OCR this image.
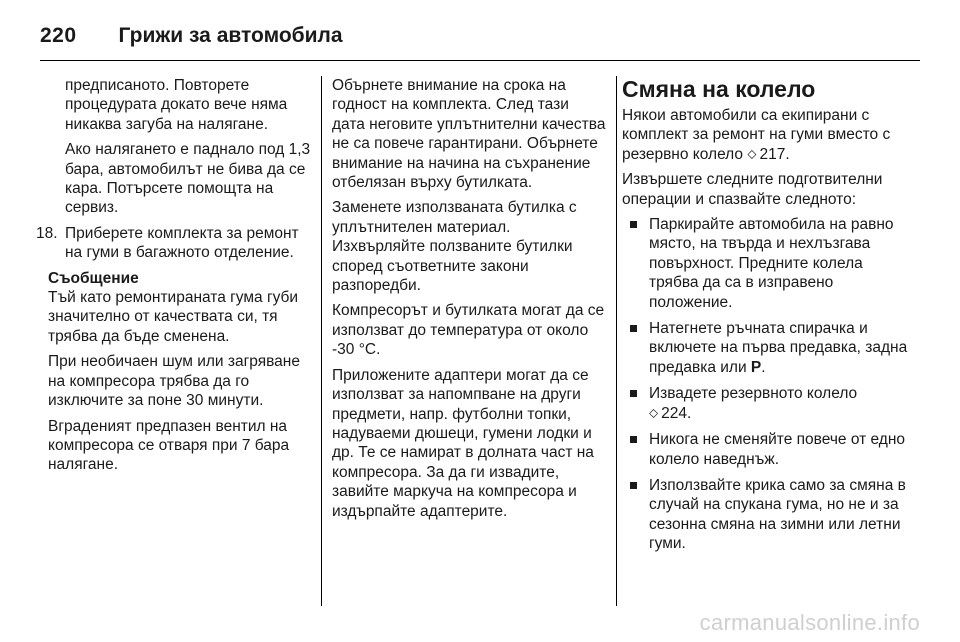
220 Грижи за автомобила

предписаното. Повторете процедурата докато вече няма никаква загуба на налягане.

Ако налягането е паднало под 1,3 бара, автомобилът не бива да се кара. Потърсете помощта на сервиз.

18. Приберете комплекта за ремонт на гуми в багажното отделение.

Съобщение

Тъй като ремонтираната гума губи значително от качествата си, тя трябва да бъде сменена.

При необичаен шум или загряване на компресора трябва да го изключите за поне 30 минути.

Вграденият предпазен вентил на компресора се отваря при 7 бара налягане.

Обърнете внимание на срока на годност на комплекта. След тази дата неговите уплътнителни качества не са повече гарантирани. Обърнете внимание на начина на съхранение отбелязан върху бутилката.

Заменете използваната бутилка с уплътнителен материал. Изхвърляйте ползваните бутилки според съответните закони разпоредби.

Компресорът и бутилката могат да се използват до температура от около -30 °C.

Приложените адаптери могат да се използват за напомпване на други предмети, напр. футболни топки, надуваеми дюшеци, гумени лодки и др. Те се намират в долната част на компресора. За да ги извадите, завийте маркуча на компресора и издърпайте адаптерите.

Смяна на колело

Някои автомобили са екипирани с комплект за ремонт на гуми вместо с резервно колело ⬦ 217.

Извършете следните подготвителни операции и спазвайте следното:

Паркирайте автомобила на равно място, на твърда и нехлъзгава повърхност. Предните колела трябва да са в изправено положение.
Натегнете ръчната спирачка и включете на първа предавка, задна предавка или P.
Извадете резервното колело
⬦ 224.
Никога не сменяйте повече от едно колело наведнъж.
Използвайте крика само за смяна в случай на спукана гума, но не и за сезонна смяна на зимни или летни гуми.
carmanualsonline.info
